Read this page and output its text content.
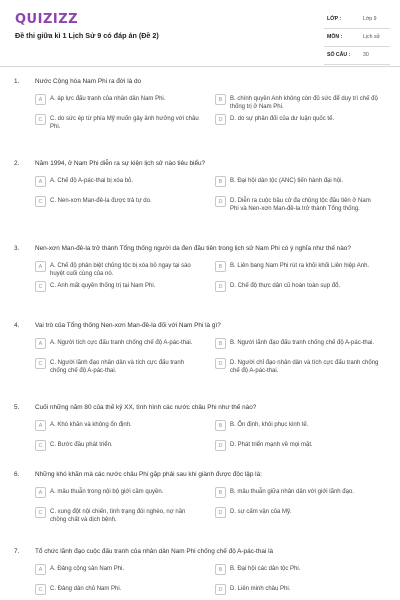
QUIZIZZ
Đề thi giữa kì 1 Lịch Sử 9 có đáp án (Đề 2)
LỚP :	Lớp 9
MÔN :	Lịch sử
SỐ CÂU : 30
1. Nước Cộng hòa Nam Phi ra đời là do
A	A. áp lực đấu tranh của nhân dân Nam Phi.	B	B. chính quyền Anh không còn đủ sức để duy trì chế độ thống trị ở Nam Phi.
C	C. do sức ép từ phía Mỹ muốn gây ảnh hưởng với châu Phi.
D	D. do sự phản đối của dư luận quốc tế.
2. Năm 1994, ở Nam Phi diễn ra sự kiện lịch sử nào tiêu biểu?
A	A. Chế độ A-pác-thai bị xóa bỏ.	B	B. Đại hội dân tộc (ANC) tiến hành đại hội.
C	C. Nen-xơn Man-đê-la được trả tự do.	D	D. Diễn ra cuộc bầu cử đa chủng tộc đầu tiên ở Nam Phi và Nen-xơn Man-đê-la trở thành Tổng thống.
3. Nen-xơn Man-đê-la trở thành Tổng thống người da đen đầu tiên trong lịch sử Nam Phi có ý nghĩa như thế nào?
A	A. Chế độ phân biệt chủng tộc bị xóa bỏ ngay tại sào huyệt cuối cùng của nó.
B	B. Liên bang Nam Phi rút ra khỏi khối Liên hiệp Anh.
C	C. Anh mất quyền thống trị tại Nam Phi.	D	D. Chế độ thực dân cũ hoàn toàn sụp đổ.
4. Vai trò của Tổng thống Nen-xơn Man-đê-la đối với Nam Phi là gì?
A	A. Người tích cực đấu tranh chống chế độ A-pác-thai.	B	B. Người lãnh đạo đấu tranh chống chế độ A-pác-thai.
C	C. Người lãnh đạo nhân dân và tích cực đấu tranh chống chế độ A-pác-thai.
D	D. Người chỉ đạo nhân dân và tích cực đấu tranh chống chế độ A-pác-thai.
5. Cuối những năm 80 của thế kỷ XX, tình hình các nước châu Phi như thế nào?
A	A. Khó khăn và không ổn định.	B	B. Ổn định, khôi phục kinh tế.
C	C. Bước đầu phát triển.	D	D. Phát triển mạnh về mọi mặt.
6. Những khó khăn mà các nước châu Phi gặp phải sau khi giành được độc lập là:
A	A. mâu thuẫn trong nội bộ giới cầm quyền.	B	B. mâu thuẫn giữa nhân dân với giới lãnh đạo.
C	C. xung đột nội chiến, tình trạng đói nghèo, nợ nần chồng chất và dịch bệnh.
D	D. sự cấm vận của Mỹ.
7. Tổ chức lãnh đạo cuộc đấu tranh của nhân dân Nam Phi chống chế độ A-pác-thai là
A	A. Đảng cộng sản Nam Phi.	B	B. Đại hội các dân tộc Phi.
C	C. Đảng dân chủ Nam Phi.	D	D. Liên minh châu Phi.
